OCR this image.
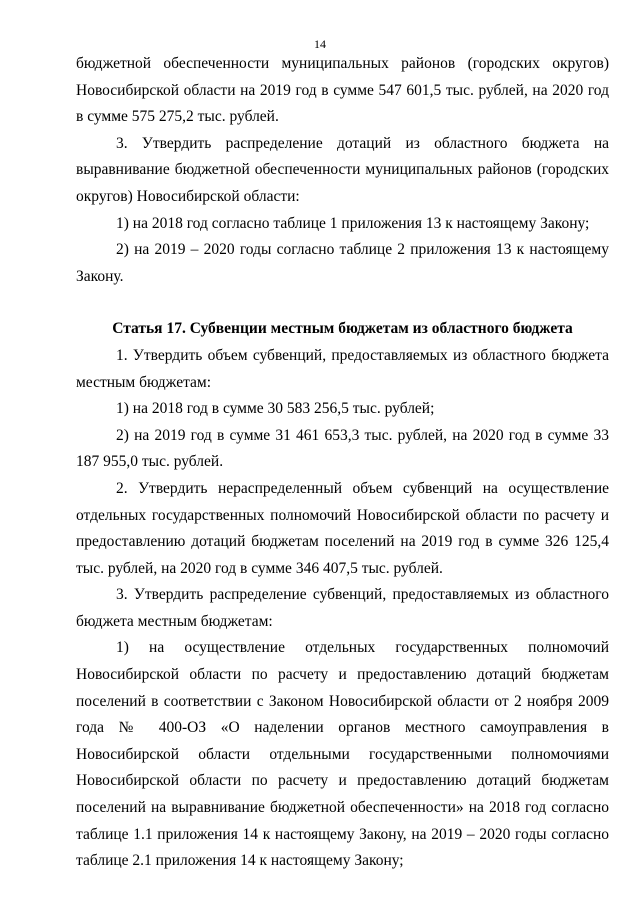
14

бюджетной обеспеченности муниципальных районов (городских округов) Новосибирской области на 2019 год в сумме 547 601,5 тыс. рублей, на 2020 год в сумме 575 275,2 тыс. рублей.

3. Утвердить распределение дотаций из областного бюджета на выравнивание бюджетной обеспеченности муниципальных районов (городских округов) Новосибирской области:

1) на 2018 год согласно таблице 1 приложения 13 к настоящему Закону;

2) на 2019 – 2020 годы согласно таблице 2 приложения 13 к настоящему Закону.

Статья 17. Субвенции местным бюджетам из областного бюджета

1. Утвердить объем субвенций, предоставляемых из областного бюджета местным бюджетам:

1) на 2018 год в сумме 30 583 256,5 тыс. рублей;

2) на 2019 год в сумме 31 461 653,3 тыс. рублей, на 2020 год в сумме 33 187 955,0 тыс. рублей.

2. Утвердить нераспределенный объем субвенций на осуществление отдельных государственных полномочий Новосибирской области по расчету и предоставлению дотаций бюджетам поселений на 2019 год в сумме 326 125,4 тыс. рублей, на 2020 год в сумме 346 407,5 тыс. рублей.

3. Утвердить распределение субвенций, предоставляемых из областного бюджета местным бюджетам:

1) на осуществление отдельных государственных полномочий Новосибирской области по расчету и предоставлению дотаций бюджетам поселений в соответствии с Законом Новосибирской области от 2 ноября 2009 года № 400-ОЗ «О наделении органов местного самоуправления в Новосибирской области отдельными государственными полномочиями Новосибирской области по расчету и предоставлению дотаций бюджетам поселений на выравнивание бюджетной обеспеченности» на 2018 год согласно таблице 1.1 приложения 14 к настоящему Закону, на 2019 – 2020 годы согласно таблице 2.1 приложения 14 к настоящему Закону;
